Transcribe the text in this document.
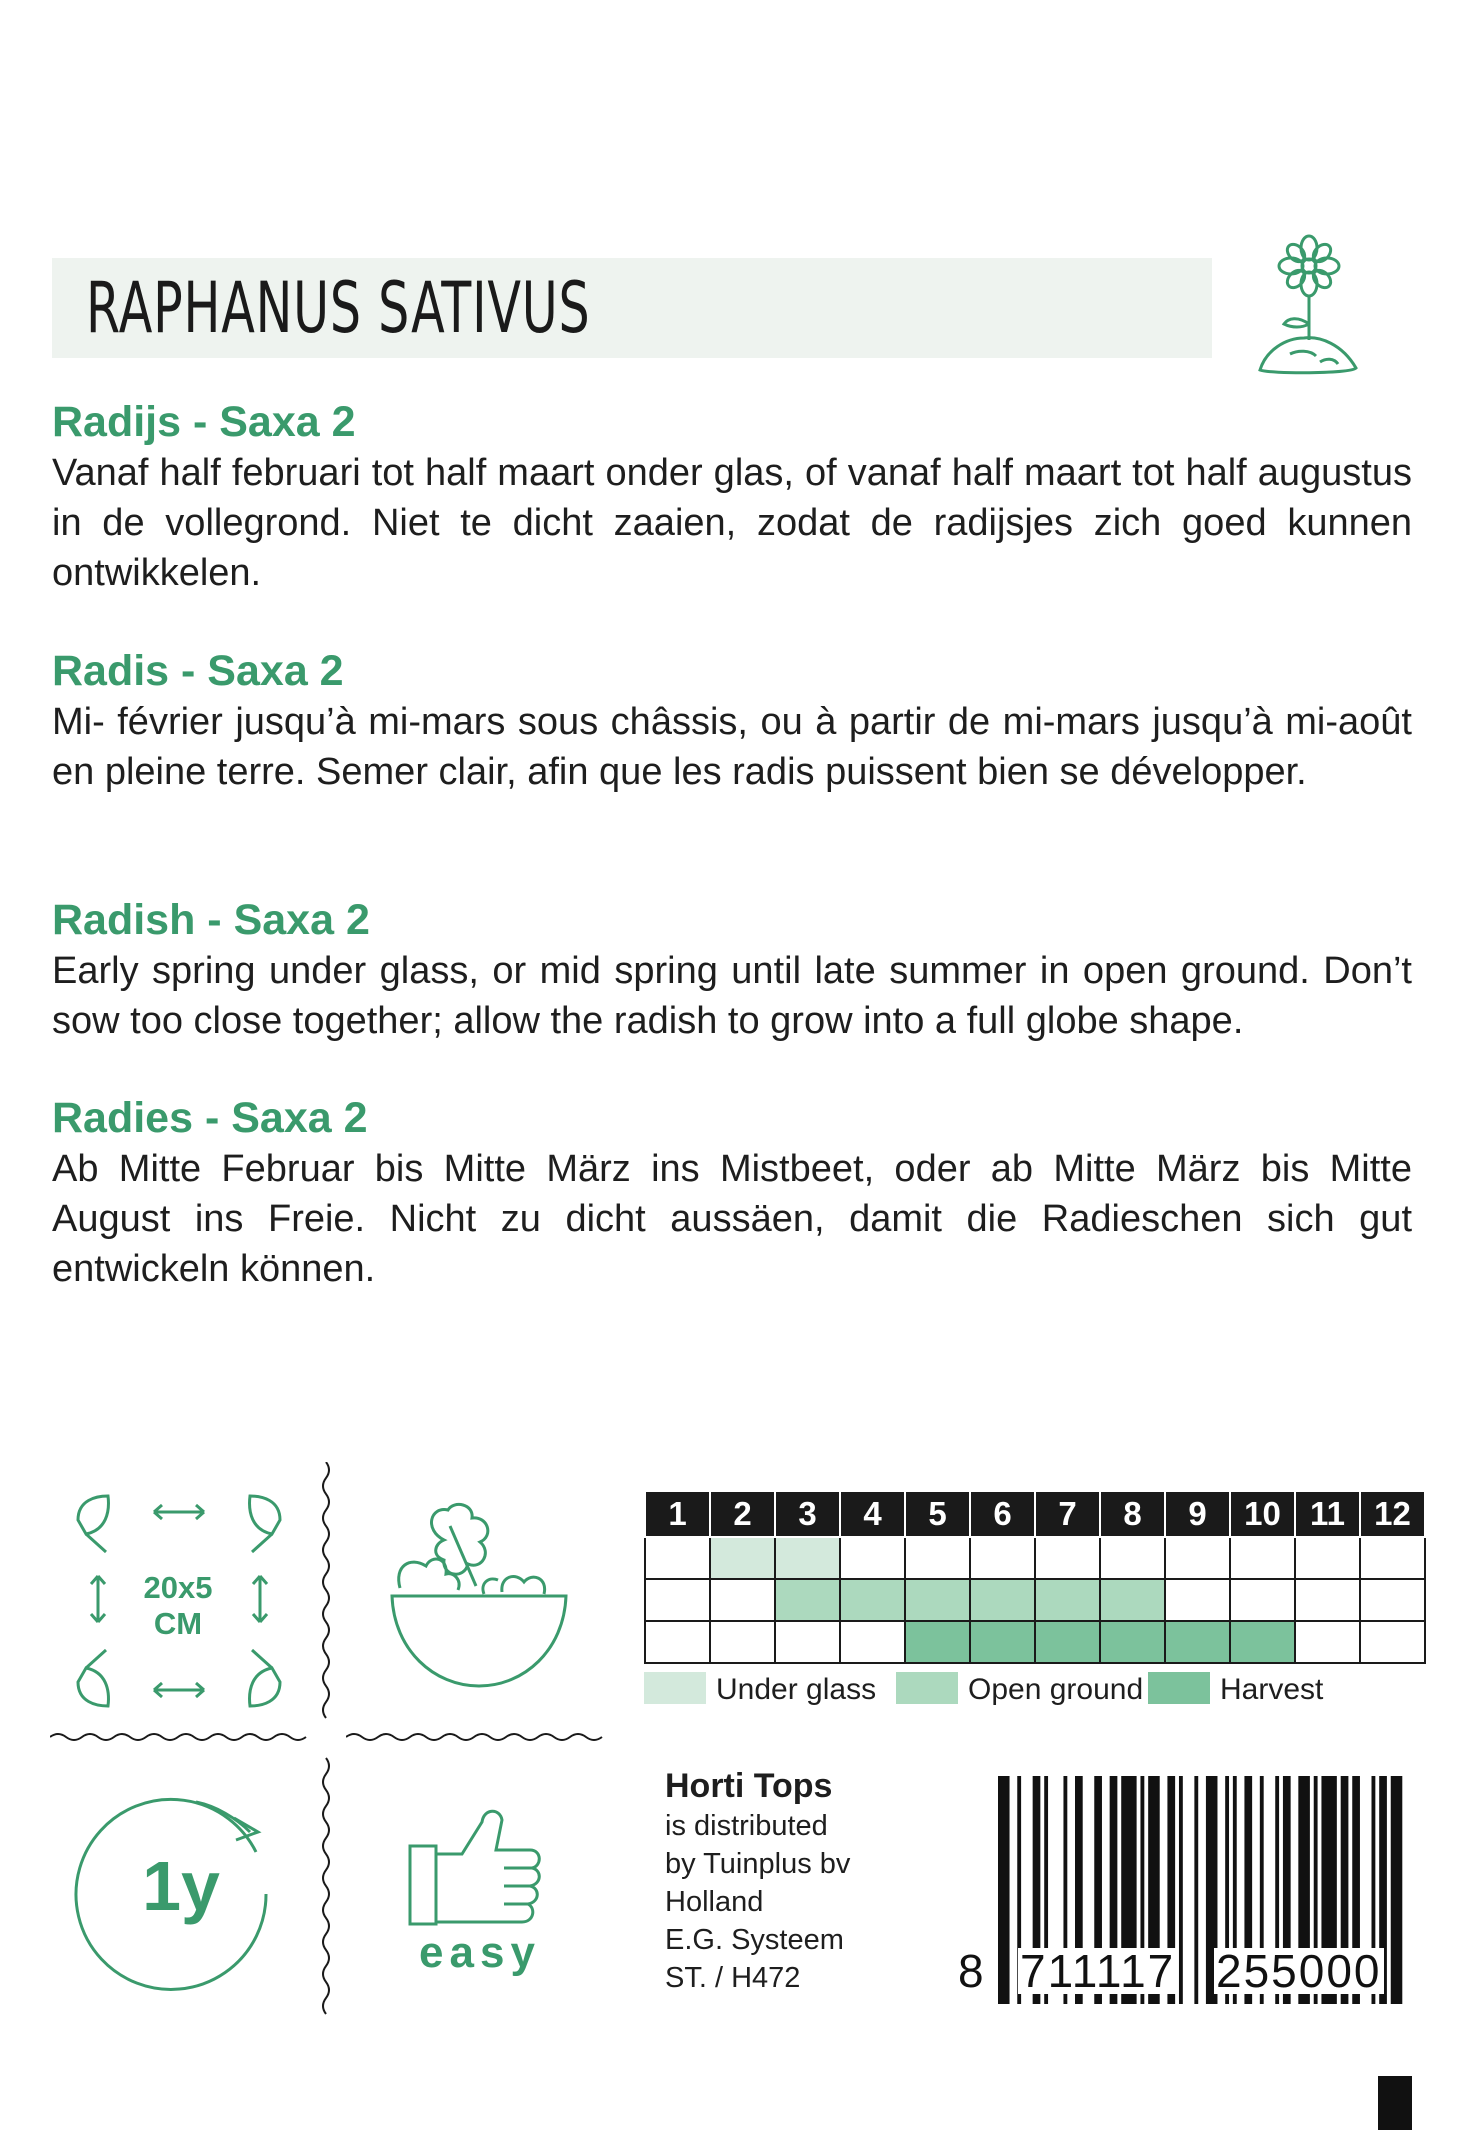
RAPHANUS SATIVUS
Radijs - Saxa 2

Vanaf half februari tot half maart onder glas, of vanaf half maart tot half augustus in de vollegrond. Niet te dicht zaaien, zodat de radijsjes zich goed kunnen ontwikkelen.

Radis - Saxa 2

Mi- février jusqu’à mi-mars sous châssis, ou à partir de mi-mars jusqu’à mi-août en pleine terre. Semer clair, afin que les radis puissent bien se développer.

Radish - Saxa 2

Early spring under glass, or mid spring until late summer in open ground. Don’t sow too close together; allow the radish to grow into a full globe shape.

Radies - Saxa 2

Ab Mitte Februar bis Mitte März ins Mistbeet, oder ab Mitte März bis Mitte August ins Freie. Nicht zu dicht aussäen, damit die Radieschen sich gut entwickeln können.

20x5
CM
1y
easy
1	2	3	4	5	6	7	8	9	10	11	12

Under glass	Open ground	Harvest
Horti Tops
is distributed
by Tuinplus bv
Holland
E.G. Systeem
ST. / H472	8 711117 255000
